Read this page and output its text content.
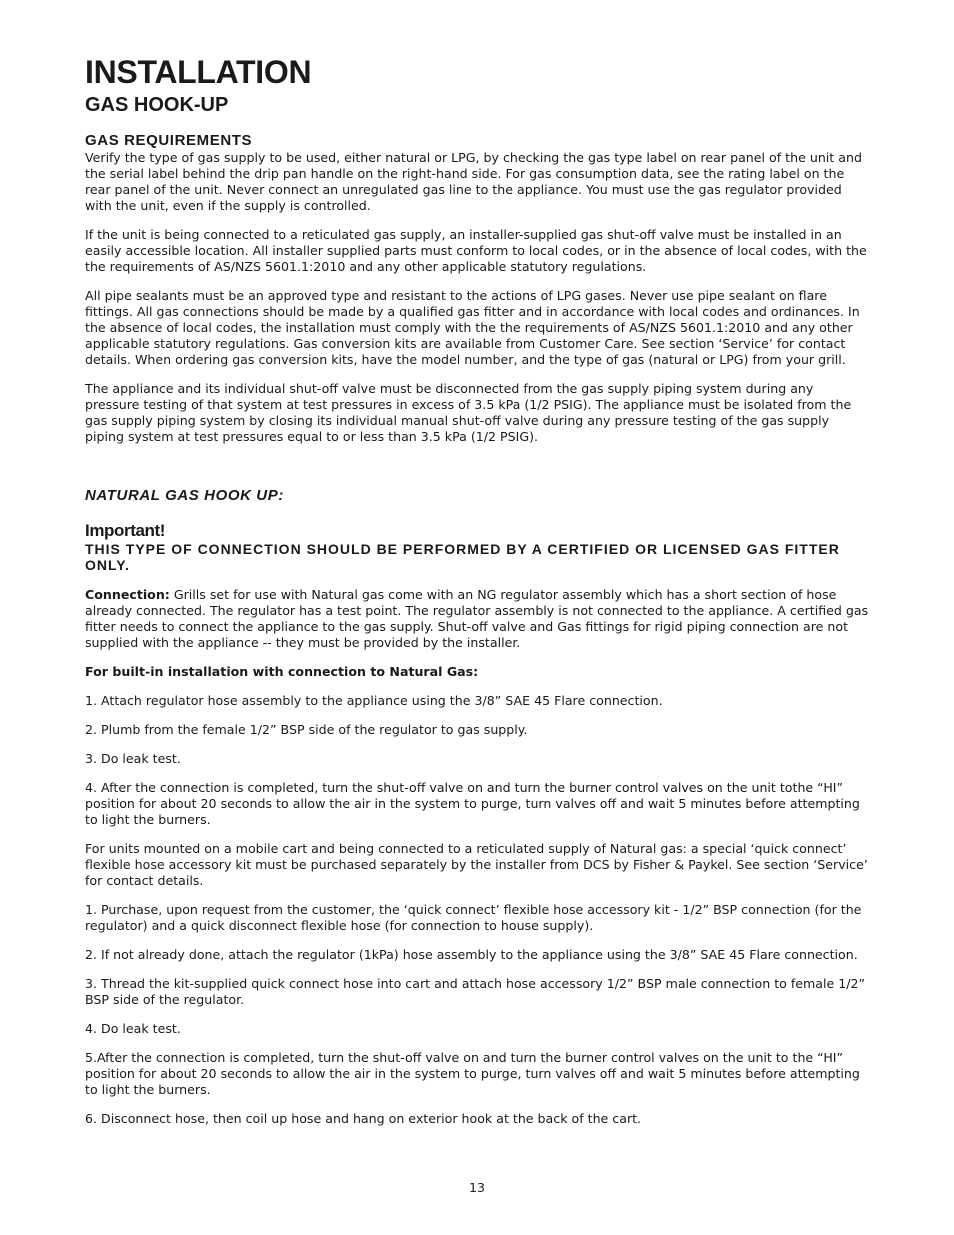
INSTALLATION
GAS HOOK-UP
GAS REQUIREMENTS

Verify the type of gas supply to be used, either natural or LPG, by checking the gas type label on rear panel of the unit and the serial label behind the drip pan handle on the right-hand side. For gas consumption data, see the rating label on the rear panel of the unit. Never connect an unregulated gas line to the appliance. You must use the gas regulator provided with the unit, even if the supply is controlled.

If the unit is being connected to a reticulated gas supply, an installer-supplied gas shut-off valve must be installed in an easily accessible location. All installer supplied parts must conform to local codes, or in the absence of local codes, with the the requirements of AS/NZS 5601.1:2010 and any other applicable statutory regulations.

All pipe sealants must be an approved type and resistant to the actions of LPG gases. Never use pipe sealant on flare fittings. All gas connections should be made by a qualified gas fitter and in accordance with local codes and ordinances. In the absence of local codes, the installation must comply with the the requirements of AS/NZS 5601.1:2010 and any other applicable statutory regulations. Gas conversion kits are available from Customer Care. See section ‘Service’ for contact details. When ordering gas conversion kits, have the model number, and the type of gas (natural or LPG) from your grill.

The appliance and its individual shut-off valve must be disconnected from the gas supply piping system during any pressure testing of that system at test pressures in excess of 3.5 kPa (1/2 PSIG). The appliance must be isolated from the gas supply piping system by closing its individual manual shut-off valve during any pressure testing of the gas supply piping system at test pressures equal to or less than 3.5 kPa (1/2 PSIG).

NATURAL GAS HOOK UP:
Important!
THIS TYPE OF CONNECTION SHOULD BE PERFORMED BY A CERTIFIED OR LICENSED GAS FITTER ONLY.

Connection: Grills set for use with Natural gas come with an NG regulator assembly which has a short section of hose already connected. The regulator has a test point. The regulator assembly is not connected to the appliance. A certified gas fitter needs to connect the appliance to the gas supply. Shut-off valve and Gas fittings for rigid piping connection are not supplied with the appliance -- they must be provided by the installer.

For built-in installation with connection to Natural Gas:

1. Attach regulator hose assembly to the appliance using the 3/8” SAE 45 Flare connection.

2. Plumb from the female 1/2” BSP side of the regulator to gas supply.

3. Do leak test.

4. After the connection is completed, turn the shut-off valve on and turn the burner control valves on the unit tothe “HI” position for about 20 seconds to allow the air in the system to purge, turn valves off and wait 5 minutes before attempting to light the burners.

For units mounted on a mobile cart and being connected to a reticulated supply of Natural gas: a special ‘quick connect’ flexible hose accessory kit must be purchased separately by the installer from DCS by Fisher & Paykel. See section ‘Service’ for contact details.

1. Purchase, upon request from the customer, the ‘quick connect’ flexible hose accessory kit - 1/2” BSP connection (for the regulator) and a quick disconnect flexible hose (for connection to house supply).

2. If not already done, attach the regulator (1kPa) hose assembly to the appliance using the 3/8” SAE 45 Flare connection.

3. Thread the kit-supplied quick connect hose into cart and attach hose accessory 1/2” BSP male connection to female 1/2” BSP side of the regulator.

4. Do leak test.

5.After the connection is completed, turn the shut-off valve on and turn the burner control valves on the unit to the “HI” position for about 20 seconds to allow the air in the system to purge, turn valves off and wait 5 minutes before attempting to light the burners.

6. Disconnect hose, then coil up hose and hang on exterior hook at the back of the cart.

13
